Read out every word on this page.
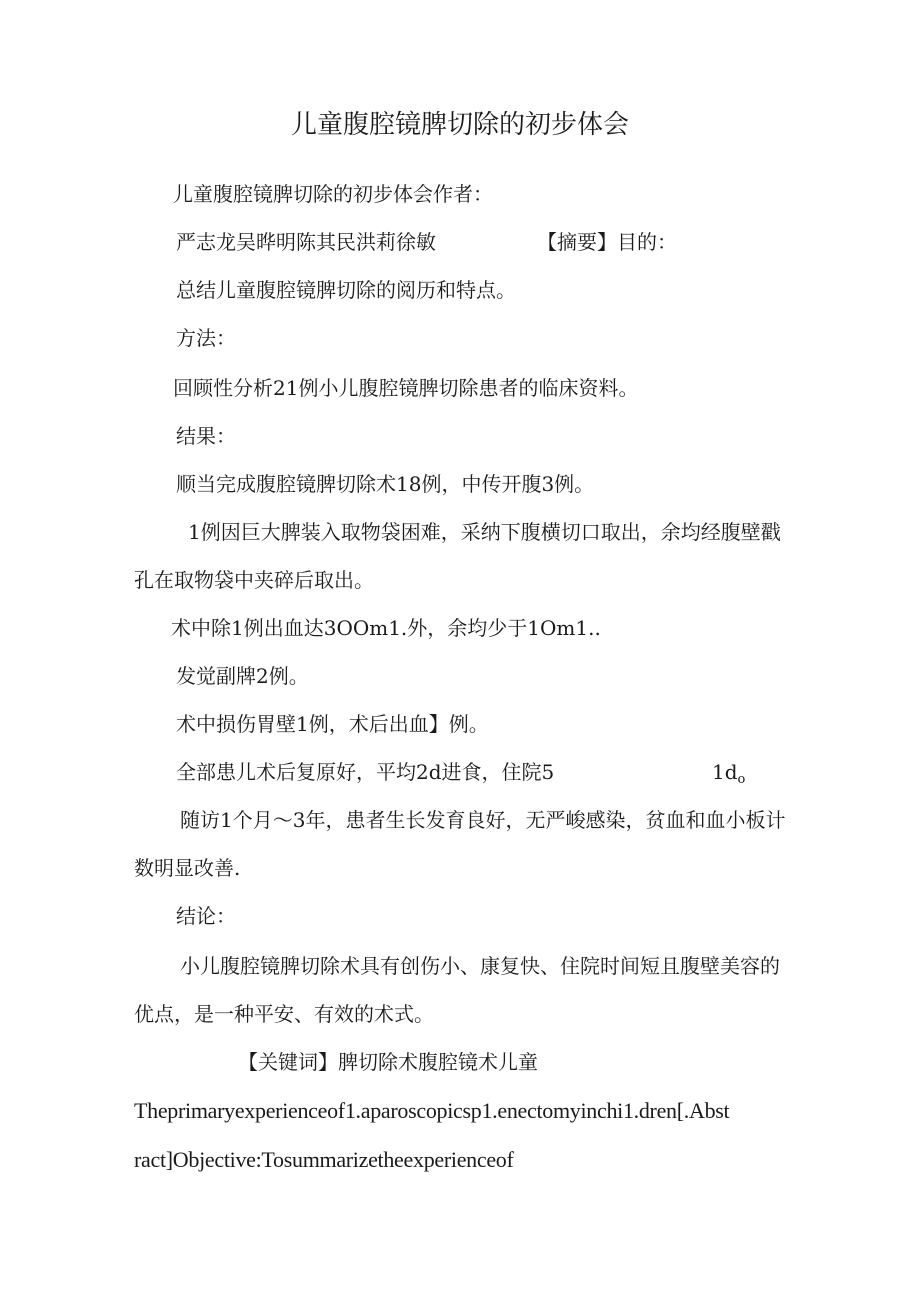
儿童腹腔镜脾切除的初步体会
儿童腹腔镜脾切除的初步体会作者：
严志龙吴晔明陈其民洪莉徐敏	【摘要】目的：
总结儿童腹腔镜脾切除的阅历和特点。
方法：
回顾性分析21例小儿腹腔镜脾切除患者的临床资料。
结果：
顺当完成腹腔镜脾切除术18例，中传开腹3例。
1例因巨大脾装入取物袋困难，采纳下腹横切口取出，余均经腹壁戳
孔在取物袋中夹碎后取出。
术中除1例出血达3OOm1.外，余均少于1Om1..
发觉副牌2例。
术中损伤胃壁1例，术后出血】例。
全部患儿术后复原好，平均2d进食，住院5	$1d_o$
随访1个月～3年，患者生长发育良好，无严峻感染，贫血和血小板计
数明显改善.
结论：
小儿腹腔镜脾切除术具有创伤小、康复快、住院时间短且腹壁美容的
优点，是一种平安、有效的术式。
【关键词】脾切除术腹腔镜术儿童
Theprimaryexperienceof1.aparoscopicsp1.enectomyinchi1.dren[.Abst
ract]Objective:Tosummarizetheexperienceof
